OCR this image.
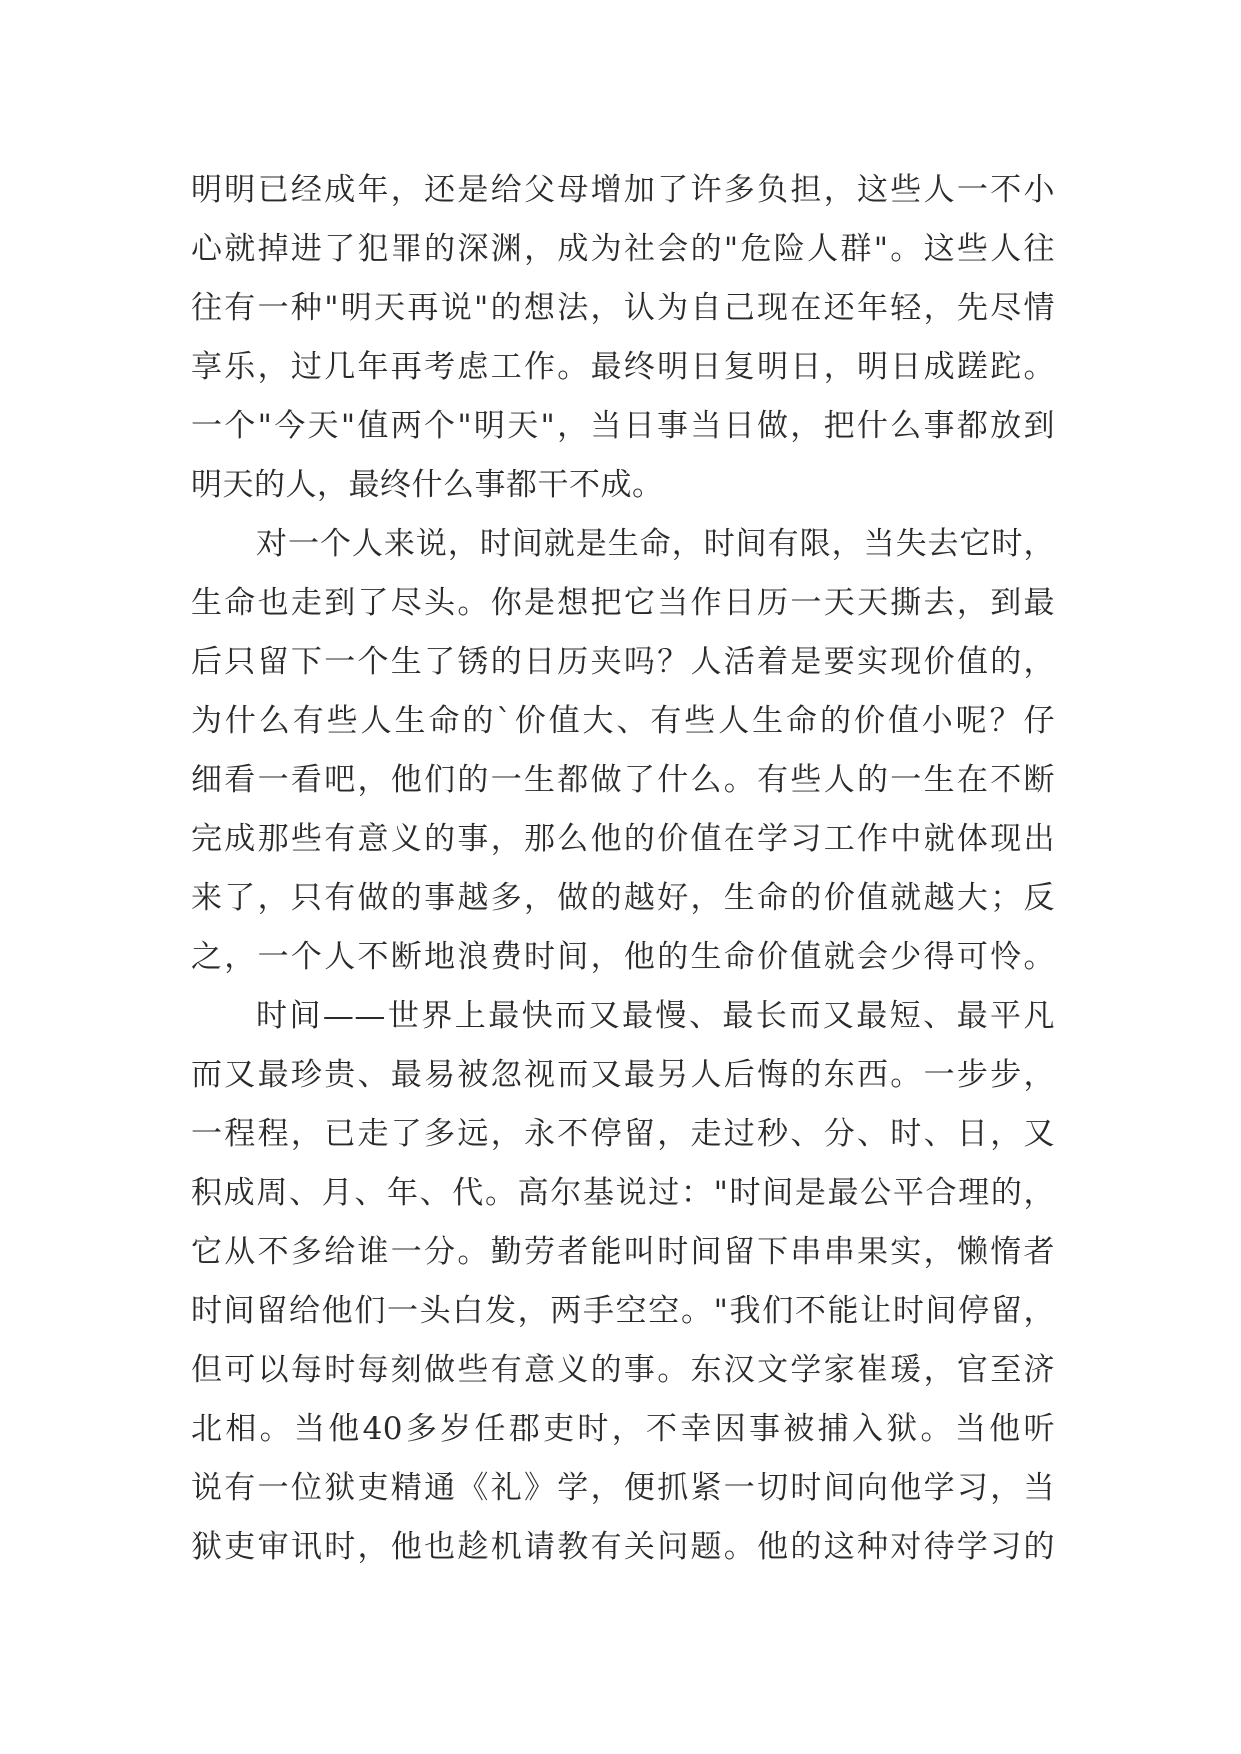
明明已经成年，还是给父母增加了许多负担，这些人一不小
心就掉进了犯罪的深渊，成为社会的"危险人群"。这些人往
往有一种"明天再说"的想法，认为自己现在还年轻，先尽情
享乐，过几年再考虑工作。最终明日复明日，明日成蹉跎。
一个"今天"值两个"明天"，当日事当日做，把什么事都放到
明天的人，最终什么事都干不成。
对一个人来说，时间就是生命，时间有限，当失去它时，
生命也走到了尽头。你是想把它当作日历一天天撕去，到最
后只留下一个生了锈的日历夹吗？人活着是要实现价值的，
为什么有些人生命的`价值大、有些人生命的价值小呢？仔
细看一看吧，他们的一生都做了什么。有些人的一生在不断
完成那些有意义的事，那么他的价值在学习工作中就体现出
来了，只有做的事越多，做的越好，生命的价值就越大；反
之，一个人不断地浪费时间，他的生命价值就会少得可怜。
时间——世界上最快而又最慢、最长而又最短、最平凡
而又最珍贵、最易被忽视而又最另人后悔的东西。一步步，
一程程，已走了多远，永不停留，走过秒、分、时、日，又
积成周、月、年、代。高尔基说过："时间是最公平合理的，
它从不多给谁一分。勤劳者能叫时间留下串串果实，懒惰者
时间留给他们一头白发，两手空空。"我们不能让时间停留，
但可以每时每刻做些有意义的事。东汉文学家崔瑗，官至济
北相。当他40多岁任郡吏时，不幸因事被捕入狱。当他听
说有一位狱吏精通《礼》学，便抓紧一切时间向他学习，当
狱吏审讯时，他也趁机请教有关问题。他的这种对待学习的
